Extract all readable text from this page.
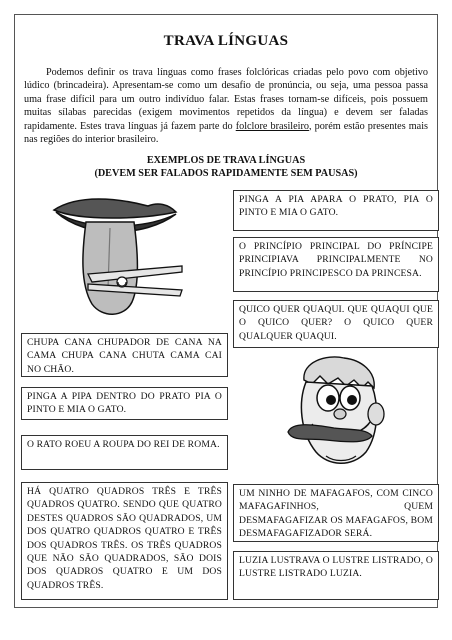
TRAVA LÍNGUAS
Podemos definir os trava línguas como frases folclóricas criadas pelo povo com objetivo lúdico (brincadeira). Apresentam-se como um desafio de pronúncia, ou seja, uma pessoa passa uma frase difícil para um outro indivíduo falar. Estas frases tornam-se difíceis, pois possuem muitas sílabas parecidas (exigem movimentos repetidos da língua) e devem ser faladas rapidamente. Estes trava línguas já fazem parte do folclore brasileiro, porém estão presentes mais nas regiões do interior brasileiro.
EXEMPLOS DE TRAVA LÍNGUAS
(DEVEM SER FALADOS RAPIDAMENTE SEM PAUSAS)
PINGA A PIA APARA O PRATO, PIA O PINTO E MIA O GATO.
O PRINCÍPIO PRINCIPAL DO PRÍNCIPE PRINCIPIAVA PRINCIPALMENTE NO PRINCÍPIO PRINCIPESCO DA PRINCESA.
QUICO QUER QUAQUI. QUE QUAQUI QUE O QUICO QUER? O QUICO QUER QUALQUER QUAQUI.
CHUPA CANA CHUPADOR DE CANA NA CAMA CHUPA CANA CHUTA CAMA CAI NO CHÃO.
PINGA A PIPA DENTRO DO PRATO PIA O PINTO E MIA O GATO.
O RATO ROEU A ROUPA DO REI DE ROMA.
HÁ QUATRO QUADROS TRÊS E TRÊS QUADROS QUATRO. SENDO QUE QUATRO DESTES QUADROS SÃO QUADRADOS, UM DOS QUATRO QUADROS QUATRO E TRÊS DOS QUADROS TRÊS. OS TRÊS QUADROS QUE NÃO SÃO QUADRADOS, SÃO DOIS DOS QUADROS QUATRO E UM DOS QUADROS TRÊS.
UM NINHO DE MAFAGAFOS, COM CINCO MAFAGAFINHOS, QUEM DESMAFAGAFIZAR OS MAFAGAFOS, BOM DESMAFAGAFIZADOR SERÁ.
LUZIA LUSTRAVA O LUSTRE LISTRADO, O LUSTRE LISTRADO LUZIA.
